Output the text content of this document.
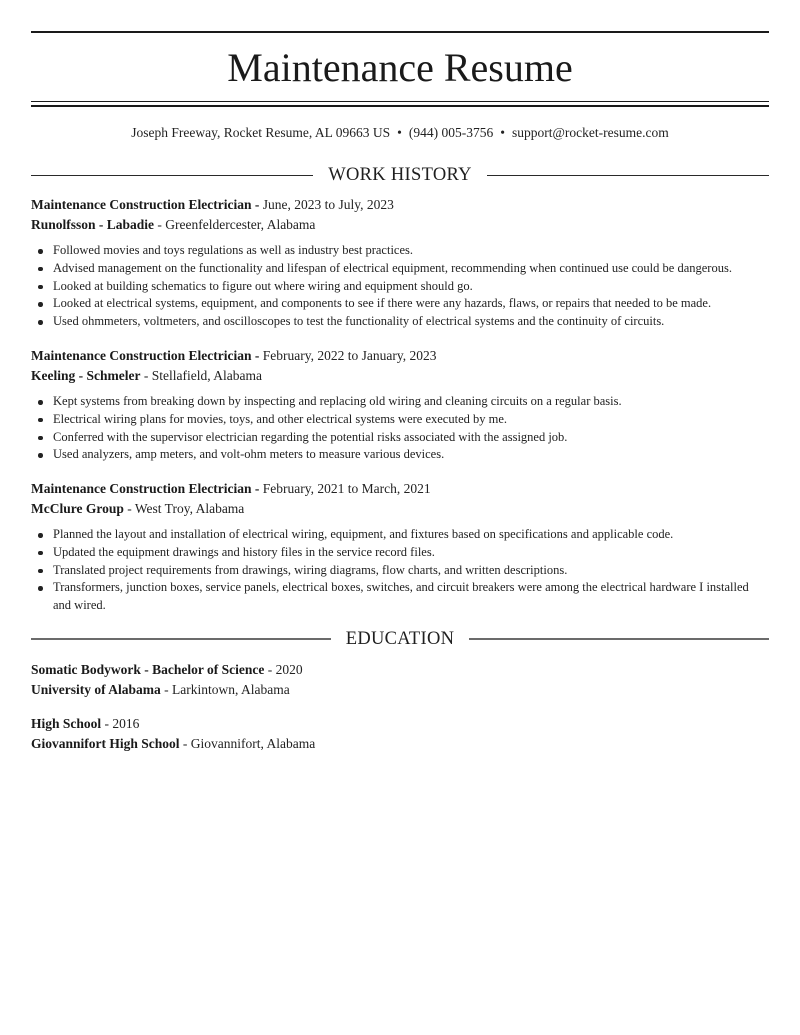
Maintenance Resume
Joseph Freeway, Rocket Resume, AL 09663 US • (944) 005-3756 • support@rocket-resume.com
WORK HISTORY
Maintenance Construction Electrician - June, 2023 to July, 2023
Runolfsson - Labadie - Greenfeldercester, Alabama
Followed movies and toys regulations as well as industry best practices.
Advised management on the functionality and lifespan of electrical equipment, recommending when continued use could be dangerous.
Looked at building schematics to figure out where wiring and equipment should go.
Looked at electrical systems, equipment, and components to see if there were any hazards, flaws, or repairs that needed to be made.
Used ohmmeters, voltmeters, and oscilloscopes to test the functionality of electrical systems and the continuity of circuits.
Maintenance Construction Electrician - February, 2022 to January, 2023
Keeling - Schmeler - Stellafield, Alabama
Kept systems from breaking down by inspecting and replacing old wiring and cleaning circuits on a regular basis.
Electrical wiring plans for movies, toys, and other electrical systems were executed by me.
Conferred with the supervisor electrician regarding the potential risks associated with the assigned job.
Used analyzers, amp meters, and volt-ohm meters to measure various devices.
Maintenance Construction Electrician - February, 2021 to March, 2021
McClure Group - West Troy, Alabama
Planned the layout and installation of electrical wiring, equipment, and fixtures based on specifications and applicable code.
Updated the equipment drawings and history files in the service record files.
Translated project requirements from drawings, wiring diagrams, flow charts, and written descriptions.
Transformers, junction boxes, service panels, electrical boxes, switches, and circuit breakers were among the electrical hardware I installed and wired.
EDUCATION
Somatic Bodywork - Bachelor of Science - 2020
University of Alabama - Larkintown, Alabama
High School - 2016
Giovannifort High School - Giovannifort, Alabama
